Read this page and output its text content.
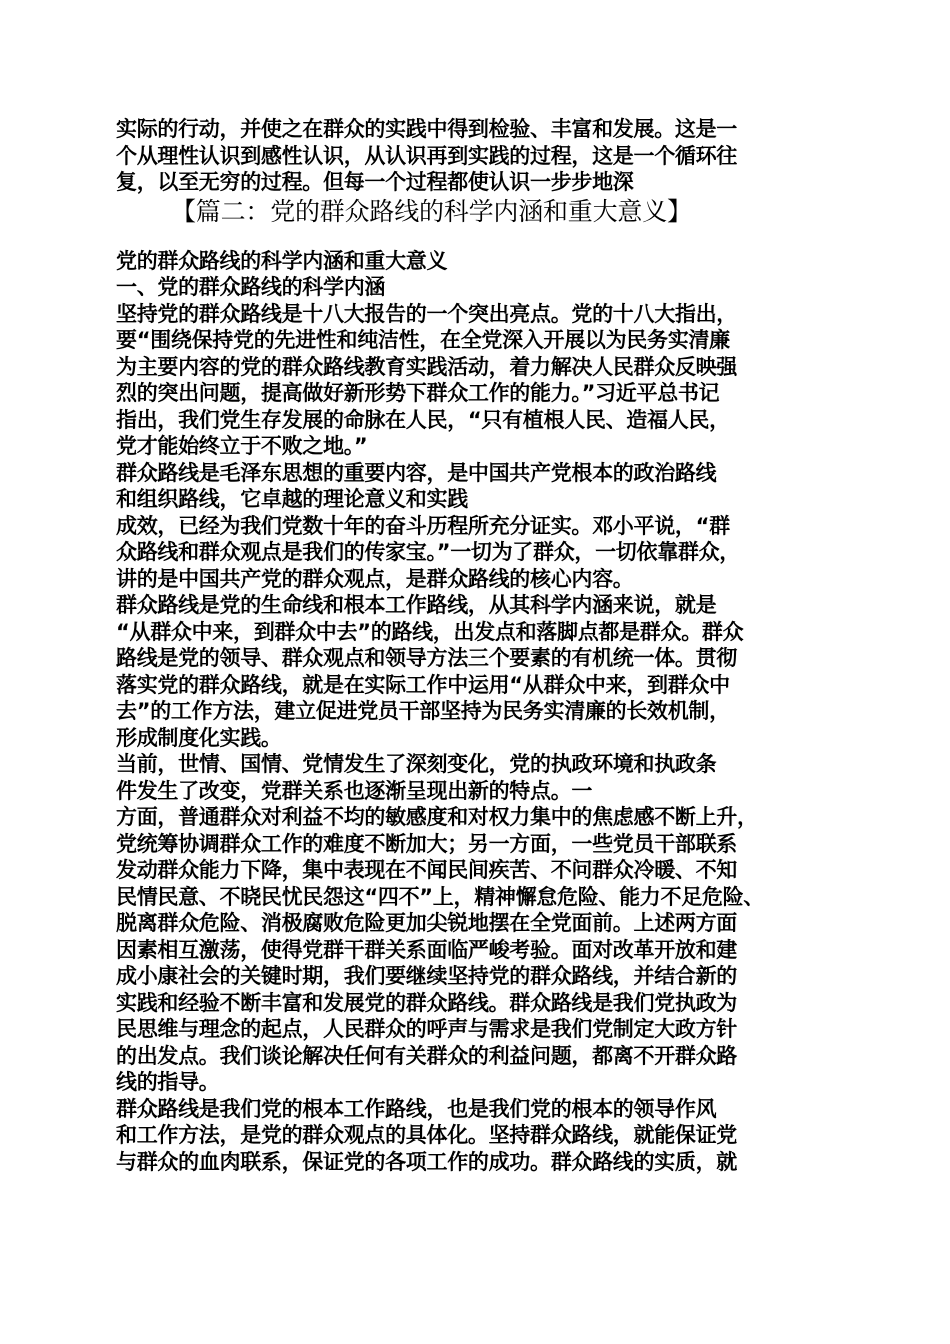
实际的行动，并使之在群众的实践中得到检验、丰富和发展。这是一
个从理性认识到感性认识，从认识再到实践的过程，这是一个循环往
复，以至无穷的过程。但每一个过程都使认识一步步地深
【篇二：党的群众路线的科学内涵和重大意义】
党的群众路线的科学内涵和重大意义
一、党的群众路线的科学内涵
坚持党的群众路线是十八大报告的一个突出亮点。党的十八大指出，
要“围绕保持党的先进性和纯洁性，在全党深入开展以为民务实清廉
为主要内容的党的群众路线教育实践活动，着力解决人民群众反映强
烈的突出问题，提高做好新形势下群众工作的能力。”习近平总书记
指出，我们党生存发展的命脉在人民，“只有植根人民、造福人民，
党才能始终立于不败之地。”
群众路线是毛泽东思想的重要内容，是中国共产党根本的政治路线
和组织路线，它卓越的理论意义和实践
成效，已经为我们党数十年的奋斗历程所充分证实。邓小平说，“群
众路线和群众观点是我们的传家宝。”一切为了群众，一切依靠群众，
讲的是中国共产党的群众观点，是群众路线的核心内容。
群众路线是党的生命线和根本工作路线，从其科学内涵来说，就是
“从群众中来，到群众中去”的路线，出发点和落脚点都是群众。群众
路线是党的领导、群众观点和领导方法三个要素的有机统一体。贯彻
落实党的群众路线，就是在实际工作中运用“从群众中来，到群众中
去”的工作方法，建立促进党员干部坚持为民务实清廉的长效机制，
形成制度化实践。
当前，世情、国情、党情发生了深刻变化，党的执政环境和执政条
件发生了改变，党群关系也逐渐呈现出新的特点。一
方面，普通群众对利益不均的敏感度和对权力集中的焦虑感不断上升，
党统筹协调群众工作的难度不断加大；另一方面，一些党员干部联系
发动群众能力下降，集中表现在不闻民间疾苦、不问群众冷暖、不知
民情民意、不晓民忧民怨这“四不”上，精神懈怠危险、能力不足危险、
脱离群众危险、消极腐败危险更加尖锐地摆在全党面前。上述两方面
因素相互激荡，使得党群干群关系面临严峻考验。面对改革开放和建
成小康社会的关键时期，我们要继续坚持党的群众路线，并结合新的
实践和经验不断丰富和发展党的群众路线。群众路线是我们党执政为
民思维与理念的起点，人民群众的呼声与需求是我们党制定大政方针
的出发点。我们谈论解决任何有关群众的利益问题，都离不开群众路
线的指导。
群众路线是我们党的根本工作路线，也是我们党的根本的领导作风
和工作方法，是党的群众观点的具体化。坚持群众路线，就能保证党
与群众的血肉联系，保证党的各项工作的成功。群众路线的实质，就
